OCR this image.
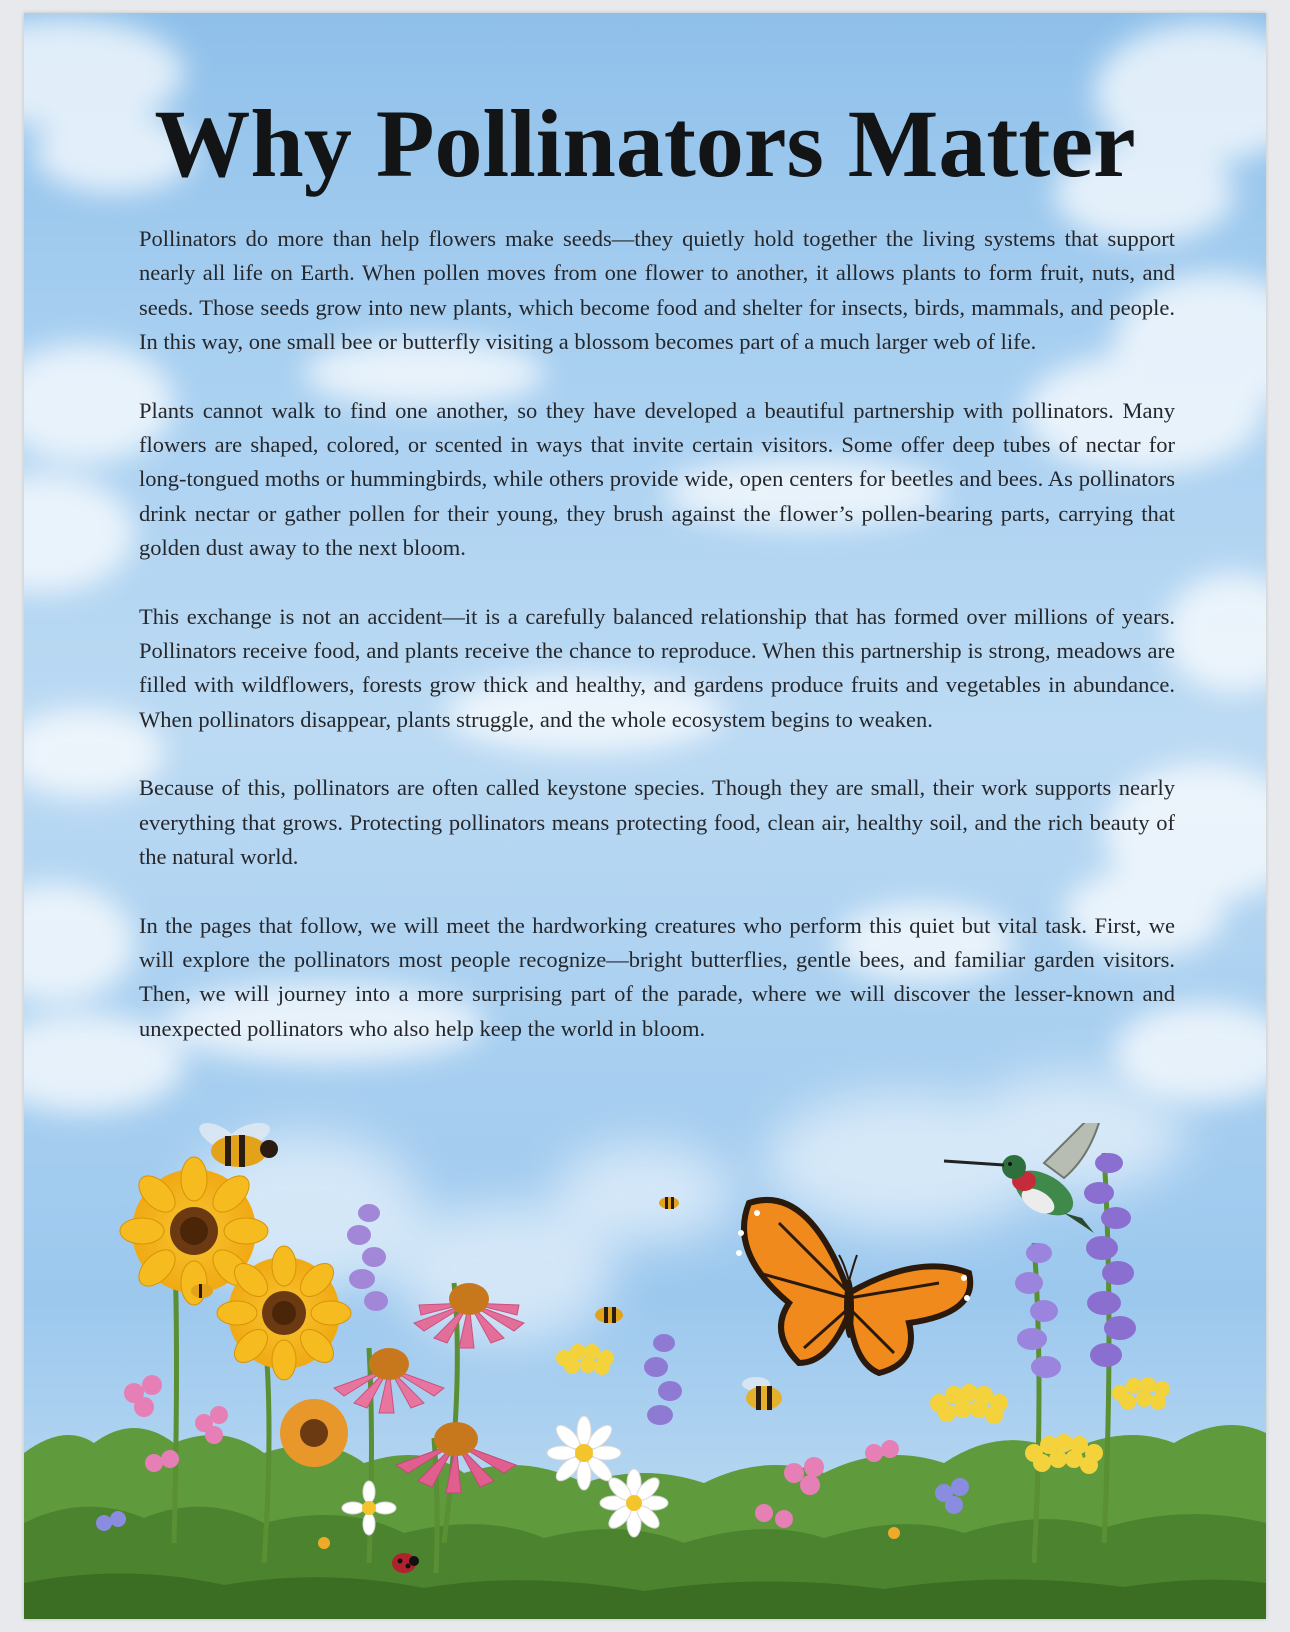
Why Pollinators Matter

Pollinators do more than help flowers make seeds—they quietly hold together the living systems that support nearly all life on Earth. When pollen moves from one flower to another, it allows plants to form fruit, nuts, and seeds. Those seeds grow into new plants, which become food and shelter for insects, birds, mammals, and people. In this way, one small bee or butterfly visiting a blossom becomes part of a much larger web of life.

Plants cannot walk to find one another, so they have developed a beautiful partnership with pollinators. Many flowers are shaped, colored, or scented in ways that invite certain visitors. Some offer deep tubes of nectar for long-tongued moths or hummingbirds, while others provide wide, open centers for beetles and bees. As pollinators drink nectar or gather pollen for their young, they brush against the flower’s pollen-bearing parts, carrying that golden dust away to the next bloom.

This exchange is not an accident—it is a carefully balanced relationship that has formed over millions of years. Pollinators receive food, and plants receive the chance to reproduce. When this partnership is strong, meadows are filled with wildflowers, forests grow thick and healthy, and gardens produce fruits and vegetables in abundance. When pollinators disappear, plants struggle, and the whole ecosystem begins to weaken.

Because of this, pollinators are often called keystone species. Though they are small, their work supports nearly everything that grows. Protecting pollinators means protecting food, clean air, healthy soil, and the rich beauty of the natural world.

In the pages that follow, we will meet the hardworking creatures who perform this quiet but vital task. First, we will explore the pollinators most people recognize—bright butterflies, gentle bees, and familiar garden visitors. Then, we will journey into a more surprising part of the parade, where we will discover the lesser-known and unexpected pollinators who also help keep the world in bloom.
